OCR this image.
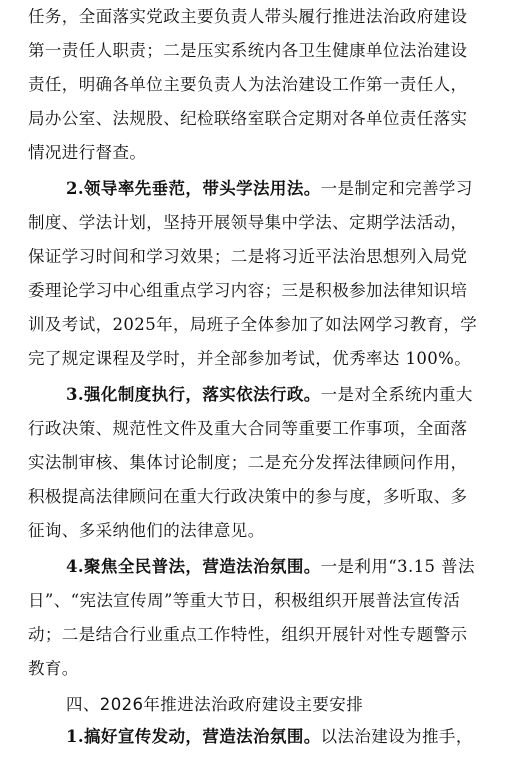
任务，全面落实党政主要负责人带头履行推进法治政府建设
第一责任人职责；二是压实系统内各卫生健康单位法治建设
责任，明确各单位主要负责人为法治建设工作第一责任人，
局办公室、法规股、纪检联络室联合定期对各单位责任落实
情况进行督查。
2.领导率先垂范，带头学法用法。一是制定和完善学习
制度、学法计划，坚持开展领导集中学法、定期学法活动，
保证学习时间和学习效果；二是将习近平法治思想列入局党
委理论学习中心组重点学习内容；三是积极参加法律知识培
训及考试，2025年，局班子全体参加了如法网学习教育，学
完了规定课程及学时，并全部参加考试，优秀率达 100%。
3.强化制度执行，落实依法行政。一是对全系统内重大
行政决策、规范性文件及重大合同等重要工作事项，全面落
实法制审核、集体讨论制度；二是充分发挥法律顾问作用，
积极提高法律顾问在重大行政决策中的参与度，多听取、多
征询、多采纳他们的法律意见。
4.聚焦全民普法，营造法治氛围。一是利用“3.15 普法
日”、“宪法宣传周”等重大节日，积极组织开展普法宣传活
动；二是结合行业重点工作特性，组织开展针对性专题警示
教育。
四、2026年推进法治政府建设主要安排
1.搞好宣传发动，营造法治氛围。以法治建设为推手，
